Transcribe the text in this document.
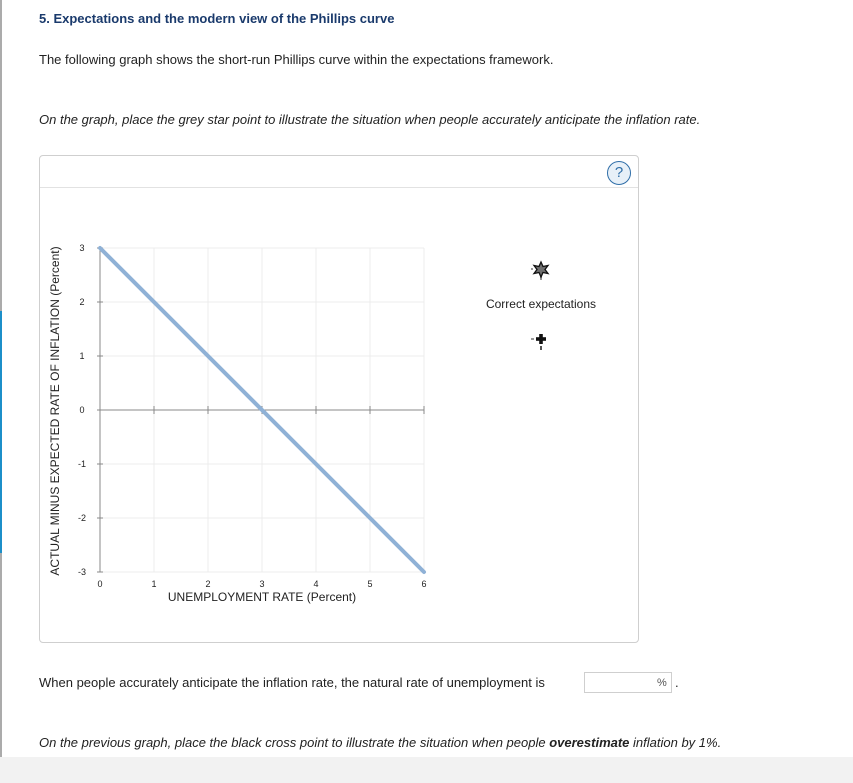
5. Expectations and the modern view of the Phillips curve
The following graph shows the short-run Phillips curve within the expectations framework.
On the graph, place the grey star point to illustrate the situation when people accurately anticipate the inflation rate.
?
0	1	2	3	4	5	6
3
2
1
0
-1
-2
-3
ACTUAL MINUS EXPECTED RATE OF INFLATION (Percent)
UNEMPLOYMENT RATE (Percent)
Correct expectations
When people accurately anticipate the inflation rate, the natural rate of unemployment is	% .
On the previous graph, place the black cross point to illustrate the situation when people overestimate inflation by 1%.
